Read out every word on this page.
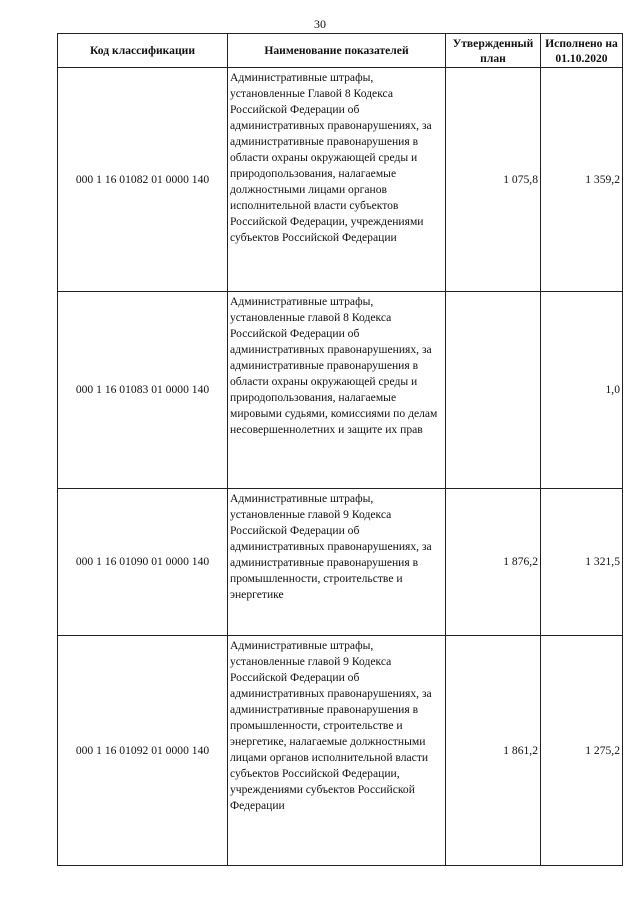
30
Код классификации	Наименование показателей	Утвержденный план	Исполнено на 01.10.2020
000 1 16 01082 01 0000 140	Административные штрафы, установленные Главой 8 Кодекса Российской Федерации об административных правонарушениях, за административные правонарушения в области охраны окружающей среды и природопользования, налагаемые должностными лицами органов исполнительной власти субъектов Российской Федерации, учреждениями субъектов Российской Федерации	1 075,8	1 359,2
000 1 16 01083 01 0000 140	Административные штрафы, установленные главой 8 Кодекса Российской Федерации об административных правонарушениях, за административные правонарушения в области охраны окружающей среды и природопользования, налагаемые мировыми судьями, комиссиями по делам несовершеннолетних и защите их прав		1,0
000 1 16 01090 01 0000 140	Административные штрафы, установленные главой 9 Кодекса Российской Федерации об административных правонарушениях, за административные правонарушения в промышленности, строительстве и энергетике	1 876,2	1 321,5
000 1 16 01092 01 0000 140	Административные штрафы, установленные главой 9 Кодекса Российской Федерации об административных правонарушениях, за административные правонарушения в промышленности, строительстве и энергетике, налагаемые должностными лицами органов исполнительной власти субъектов Российской Федерации, учреждениями субъектов Российской Федерации	1 861,2	1 275,2
